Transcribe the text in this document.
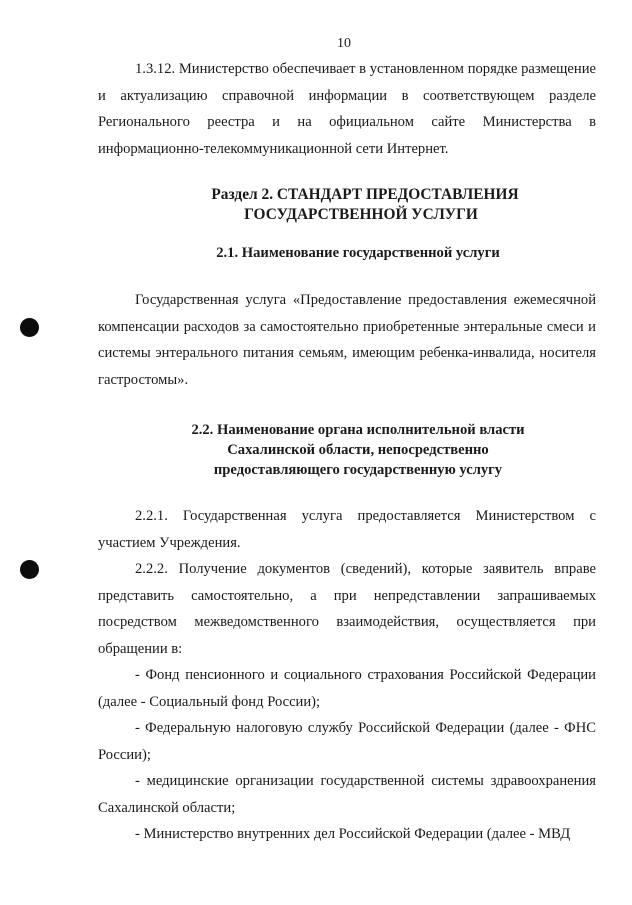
10

1.3.12. Министерство обеспечивает в установленном порядке размещение и актуализацию справочной информации в соответствующем разделе Регионального реестра и на официальном сайте Министерства в информационно-телекоммуникационной сети Интернет.

Раздел 2. СТАНДАРТ ПРЕДОСТАВЛЕНИЯ
ГОСУДАРСТВЕННОЙ УСЛУГИ
2.1. Наименование государственной услуги

Государственная услуга «Предоставление предоставления ежемесячной компенсации расходов за самостоятельно приобретенные энтеральные смеси и системы энтерального питания семьям, имеющим ребенка-инвалида, носителя гастростомы».

2.2. Наименование органа исполнительной власти
Сахалинской области, непосредственно
предоставляющего государственную услугу

2.2.1. Государственная услуга предоставляется Министерством с участием Учреждения.

2.2.2. Получение документов (сведений), которые заявитель вправе представить самостоятельно, а при непредставлении запрашиваемых посредством межведомственного взаимодействия, осуществляется при обращении в:

- Фонд пенсионного и социального страхования Российской Федерации (далее - Социальный фонд России);

- Федеральную налоговую службу Российской Федерации (далее - ФНС России);

- медицинские организации государственной системы здравоохранения Сахалинской области;

- Министерство внутренних дел Российской Федерации (далее - МВД
